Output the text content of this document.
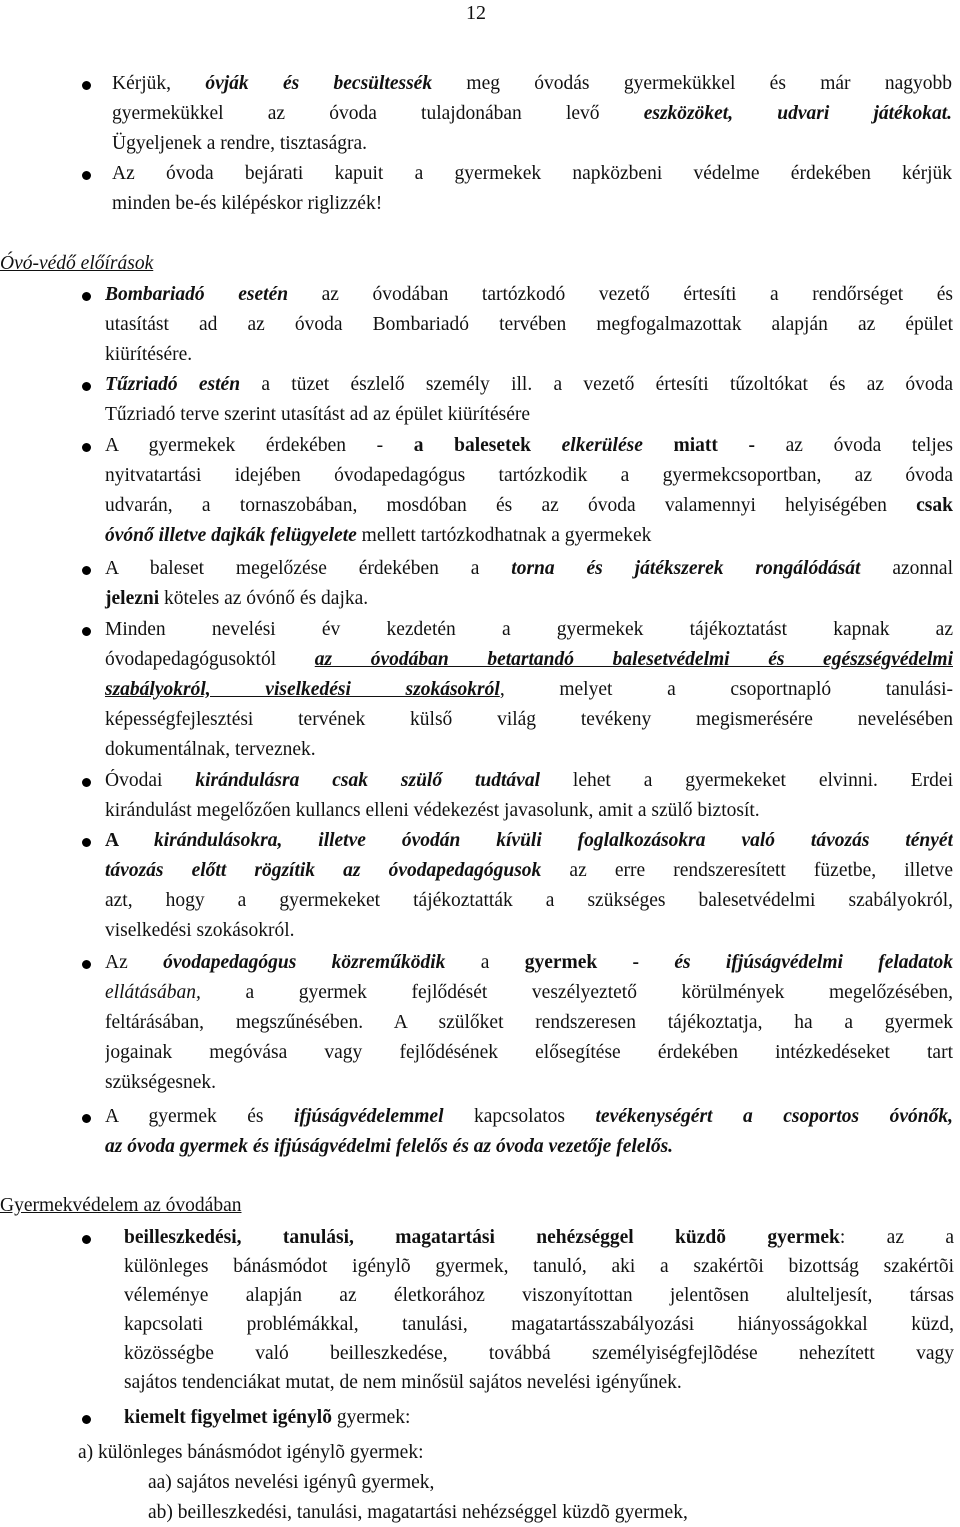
12
Kérjük, óvják és becsültessék meg óvodás gyermekükkel és már nagyobb
gyermekükkel az óvoda tulajdonában levő eszközöket, udvari játékokat.
Ügyeljenek a rendre, tisztaságra.
Az óvoda bejárati kapuit a gyermekek napközbeni védelme érdekében kérjük
minden be-és kilépéskor riglizzék!
Bombariadó esetén az óvodában tartózkodó vezető értesíti a rendőrséget és
utasítást ad az óvoda Bombariadó tervében megfogalmazottak alapján az épület
kiürítésére.
Tűzriadó estén a tüzet észlelő személy ill. a vezető értesíti tűzoltókat és az óvoda
Tűzriadó terve szerint utasítást ad az épület kiürítésére
A gyermekek érdekében - a balesetek elkerülése miatt - az óvoda teljes
nyitvatartási idejében óvodapedagógus tartózkodik a gyermekcsoportban, az óvoda
udvarán, a tornaszobában, mosdóban és az óvoda valamennyi helyiségében csak
óvónő illetve dajkák felügyelete mellett tartózkodhatnak a gyermekek
A baleset megelőzése érdekében a torna és játékszerek rongálódását azonnal
jelezni köteles az óvónő és dajka.
Minden nevelési év kezdetén a gyermekek tájékoztatást kapnak az
óvodapedagógusoktól az óvodában betartandó balesetvédelmi és egészségvédelmi
szabályokról, viselkedési szokásokról, melyet a csoportnapló tanulási-
képességfejlesztési tervének külső világ tevékeny megismerésére nevelésében
dokumentálnak, terveznek.
Óvodai kirándulásra csak szülő tudtával lehet a gyermekeket elvinni. Erdei
kirándulást megelőzően kullancs elleni védekezést javasolunk, amit a szülő biztosít.
A kirándulásokra, illetve óvodán kívüli foglalkozásokra való távozás tényét
távozás előtt rögzítik az óvodapedagógusok az erre rendszeresített füzetbe, illetve
azt, hogy a gyermekeket tájékoztatták a szükséges balesetvédelmi szabályokról,
viselkedési szokásokról.
Az óvodapedagógus közreműködik a gyermek - és ifjúságvédelmi feladatok
ellátásában, a gyermek fejlődését veszélyeztető körülmények megelőzésében,
feltárásában, megszűnésében. A szülőket rendszeresen tájékoztatja, ha a gyermek
jogainak megóvása vagy fejlődésének elősegítése érdekében intézkedéseket tart
szükségesnek.
A gyermek és ifjúságvédelemmel kapcsolatos tevékenységért a csoportos óvónők,
az óvoda gyermek és ifjúságvédelmi felelős és az óvoda vezetője felelős.
beilleszkedési, tanulási, magatartási nehézséggel küzdõ gyermek: az a
különleges bánásmódot igénylõ gyermek, tanuló, aki a szakértõi bizottság szakértõi
véleménye alapján az életkorához viszonyítottan jelentõsen alulteljesít, társas
kapcsolati problémákkal, tanulási, magatartásszabályozási hiányosságokkal küzd,
közösségbe való beilleszkedése, továbbá személyiségfejlõdése nehezített vagy
sajátos tendenciákat mutat, de nem minősül sajátos nevelési igényűnek.
kiemelt figyelmet igénylõ gyermek:
Óvó-védő előírások
Gyermekvédelem az óvodában
a) különleges bánásmódot igénylõ gyermek:
aa) sajátos nevelési igényû gyermek,
ab) beilleszkedési, tanulási, magatartási nehézséggel küzdõ gyermek,
